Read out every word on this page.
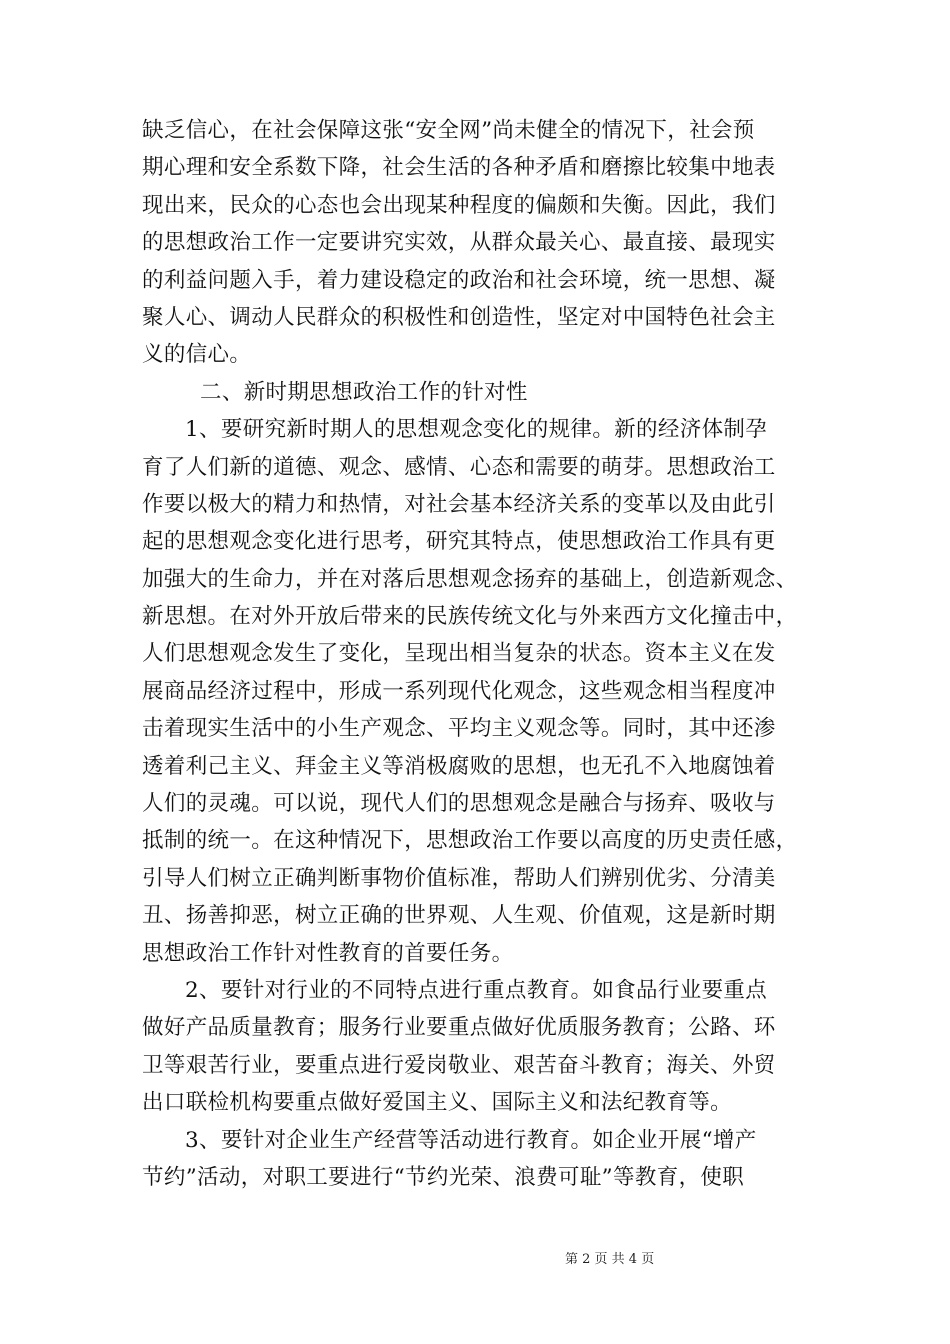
缺乏信心，在社会保障这张“安全网”尚未健全的情况下，社会预
期心理和安全系数下降，社会生活的各种矛盾和磨擦比较集中地表
现出来，民众的心态也会出现某种程度的偏颇和失衡。因此，我们
的思想政治工作一定要讲究实效，从群众最关心、最直接、最现实
的利益问题入手，着力建设稳定的政治和社会环境，统一思想、凝
聚人心、调动人民群众的积极性和创造性，坚定对中国特色社会主
义的信心。
二、新时期思想政治工作的针对性
1、要研究新时期人的思想观念变化的规律。新的经济体制孕
育了人们新的道德、观念、感情、心态和需要的萌芽。思想政治工
作要以极大的精力和热情，对社会基本经济关系的变革以及由此引
起的思想观念变化进行思考，研究其特点，使思想政治工作具有更
加强大的生命力，并在对落后思想观念扬弃的基础上，创造新观念、
新思想。在对外开放后带来的民族传统文化与外来西方文化撞击中，
人们思想观念发生了变化，呈现出相当复杂的状态。资本主义在发
展商品经济过程中，形成一系列现代化观念，这些观念相当程度冲
击着现实生活中的小生产观念、平均主义观念等。同时，其中还渗
透着利己主义、拜金主义等消极腐败的思想，也无孔不入地腐蚀着
人们的灵魂。可以说，现代人们的思想观念是融合与扬弃、吸收与
抵制的统一。在这种情况下，思想政治工作要以高度的历史责任感，
引导人们树立正确判断事物价值标准，帮助人们辨别优劣、分清美
丑、扬善抑恶，树立正确的世界观、人生观、价值观，这是新时期
思想政治工作针对性教育的首要任务。
2、要针对行业的不同特点进行重点教育。如食品行业要重点
做好产品质量教育；服务行业要重点做好优质服务教育；公路、环
卫等艰苦行业，要重点进行爱岗敬业、艰苦奋斗教育；海关、外贸
出口联检机构要重点做好爱国主义、国际主义和法纪教育等。
3、要针对企业生产经营等活动进行教育。如企业开展“增产
节约”活动，对职工要进行“节约光荣、浪费可耻”等教育，使职
第 2 页 共 4 页
